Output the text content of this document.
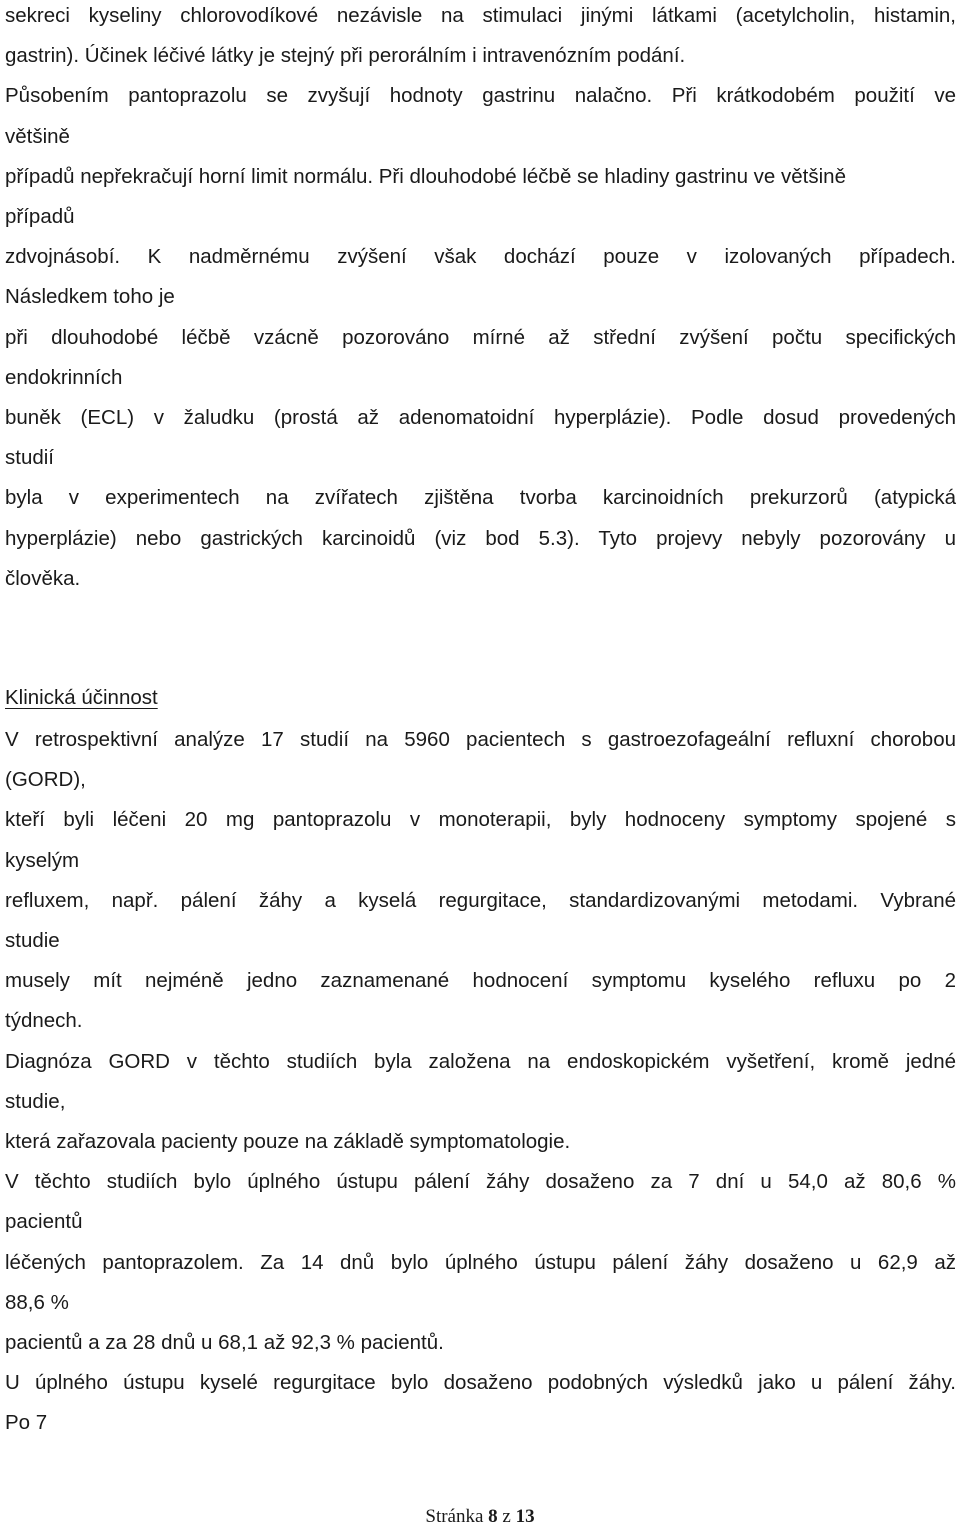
sekreci kyseliny chlorovodíkové nezávisle na stimulaci jinými látkami (acetylcholin, histamin,

gastrin). Účinek léčivé látky je stejný při perorálním i intravenózním podání.

Působením pantoprazolu se zvyšují hodnoty gastrinu nalačno. Při krátkodobém použití ve

většině

případů nepřekračují horní limit normálu. Při dlouhodobé léčbě se hladiny gastrinu ve většině

případů

zdvojnásobí. K nadměrnému zvýšení však dochází pouze v izolovaných případech.

Následkem toho je

při dlouhodobé léčbě vzácně pozorováno mírné až střední zvýšení počtu specifických

endokrinních

buněk (ECL) v žaludku (prostá až adenomatoidní hyperplázie). Podle dosud provedených

studií

byla v experimentech na zvířatech zjištěna tvorba karcinoidních prekurzorů (atypická

hyperplázie) nebo gastrických karcinoidů (viz bod 5.3). Tyto projevy nebyly pozorovány u

člověka.

V retrospektivní analýze 17 studií na 5960 pacientech s gastroezofageální refluxní chorobou

(GORD),

kteří byli léčeni 20 mg pantoprazolu v monoterapii, byly hodnoceny symptomy spojené s

kyselým

refluxem, např. pálení žáhy a kyselá regurgitace, standardizovanými metodami. Vybrané

studie

musely mít nejméně jedno zaznamenané hodnocení symptomu kyselého refluxu po 2

týdnech.

Diagnóza GORD v těchto studiích byla založena na endoskopickém vyšetření, kromě jedné

studie,

která zařazovala pacienty pouze na základě symptomatologie.

V těchto studiích bylo úplného ústupu pálení žáhy dosaženo za 7 dní u 54,0 až 80,6 %

pacientů

léčených pantoprazolem. Za 14 dnů bylo úplného ústupu pálení žáhy dosaženo u 62,9 až

88,6 %

pacientů a za 28 dnů u 68,1 až 92,3 % pacientů.

U úplného ústupu kyselé regurgitace bylo dosaženo podobných výsledků jako u pálení žáhy.

Po 7

Klinická účinnost

Stránka 8 z 13
